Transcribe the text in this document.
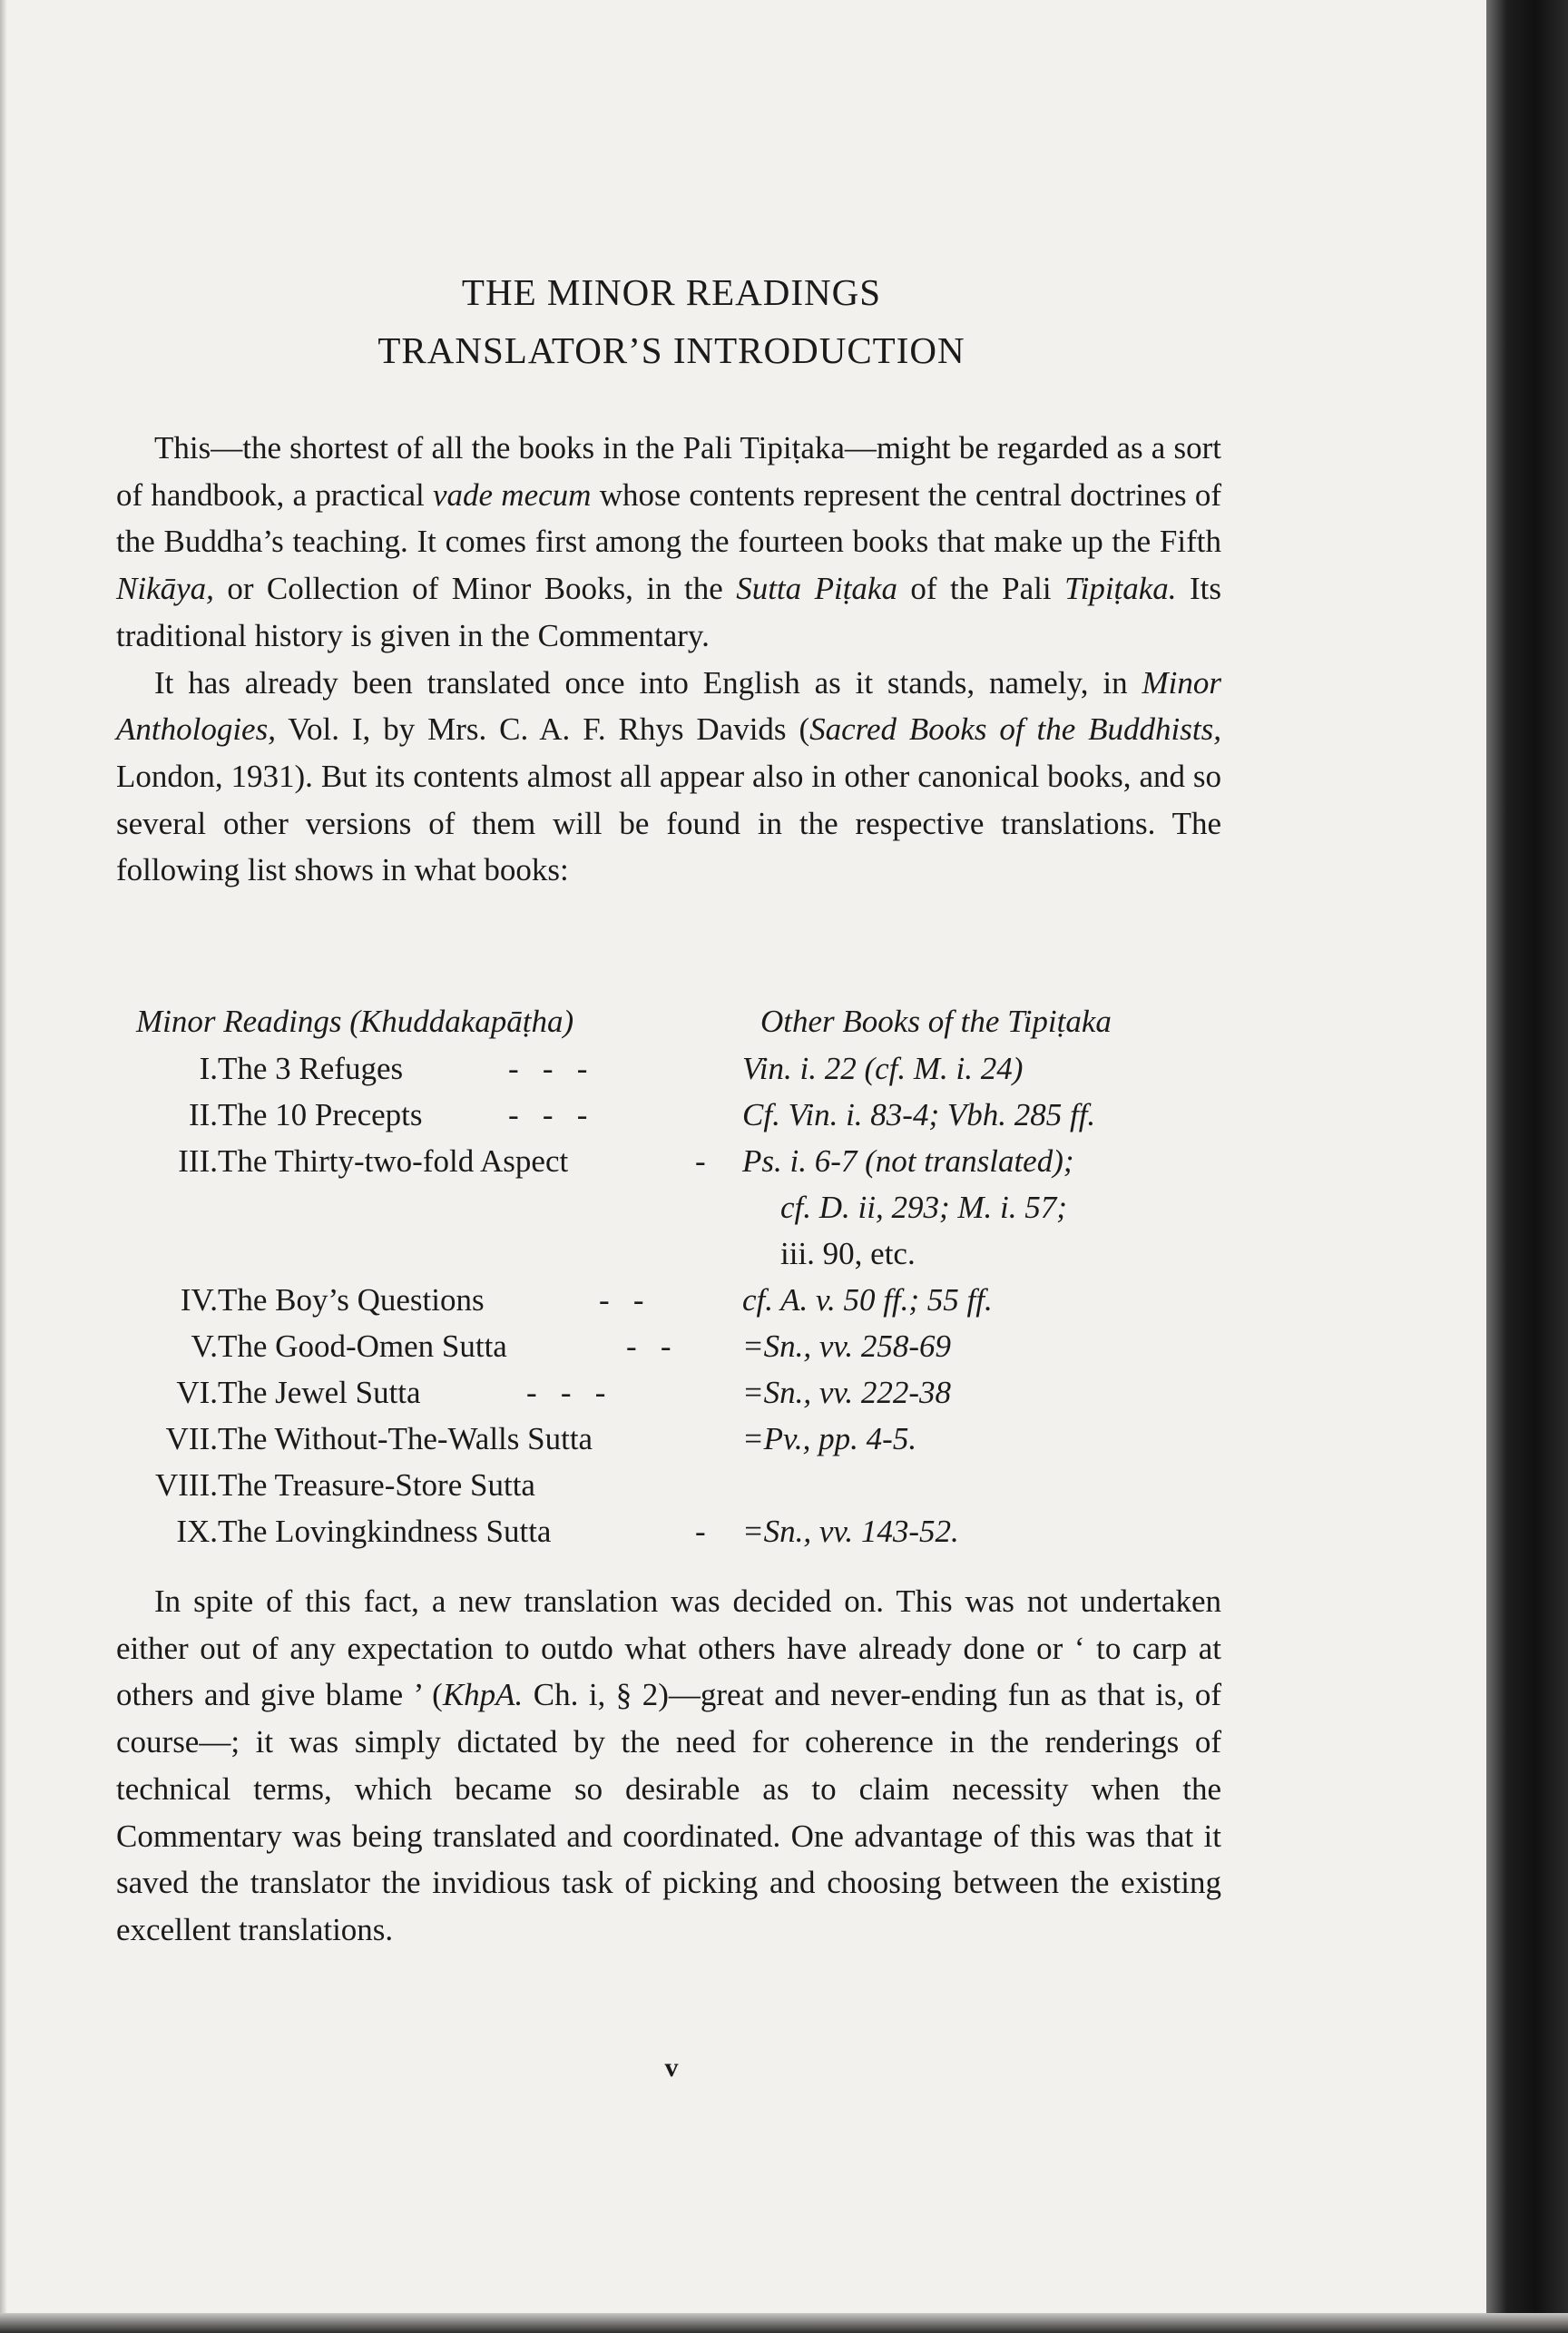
THE MINOR READINGS
TRANSLATOR’S INTRODUCTION

This—the shortest of all the books in the Pali Tipiṭaka—might be regarded as a sort of handbook, a practical vade mecum whose contents represent the central doctrines of the Buddha’s teaching. It comes first among the fourteen books that make up the Fifth Nikāya, or Collection of Minor Books, in the Sutta Piṭaka of the Pali Tipiṭaka. Its traditional history is given in the Commentary.
It has already been translated once into English as it stands, namely, in Minor Anthologies, Vol. I, by Mrs. C. A. F. Rhys Davids (Sacred Books of the Buddhists, London, 1931). But its contents almost all appear also in other canonical books, and so several other versions of them will be found in the respective translations. The following list shows in what books:

Minor Readings (Khuddakapāṭha)	Other Books of the Tipiṭaka
I. The 3 Refuges	-   -   -	Vin. i. 22 (cf. M. i. 24)
II. The 10 Precepts	-   -   -	Cf. Vin. i. 83-4; Vbh. 285 ff.
III. The Thirty-two-fold Aspect	- Ps. i. 6-7 (not translated);
cf. D. ii, 293; M. i. 57;
iii. 90, etc.
IV. The Boy’s Questions	-   -	cf. A. v. 50 ff.; 55 ff.
V. The Good-Omen Sutta	-   - =Sn., vv. 258-69
VI. The Jewel Sutta	-   -   -	=Sn., vv. 222-38
VII. The Without-The-Walls Sutta	=Pv., pp. 4-5.
VIII. The Treasure-Store Sutta
IX. The Lovingkindness Sutta	- =Sn., vv. 143-52.

In spite of this fact, a new translation was decided on. This was not undertaken either out of any expectation to outdo what others have already done or ‘ to carp at others and give blame ’ (KhpA. Ch. i, § 2)—great and never-ending fun as that is, of course—; it was simply dictated by the need for coherence in the renderings of technical terms, which became so desirable as to claim necessity when the Commentary was being translated and coordinated. One advantage of this was that it saved the translator the invidious task of picking and choosing between the existing excellent translations.

v
